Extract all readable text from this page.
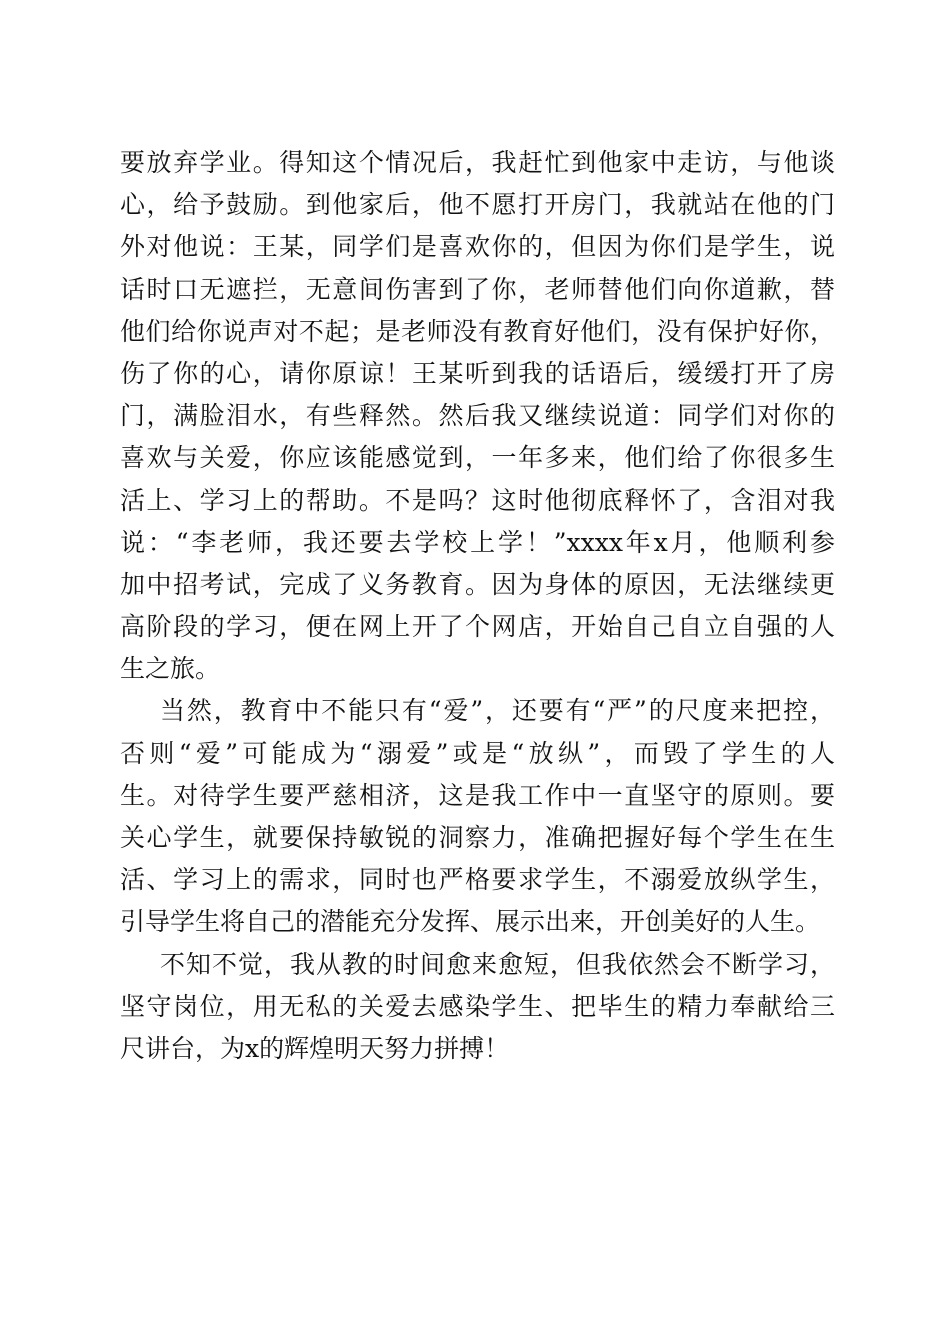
要放弃学业。得知这个情况后，我赶忙到他家中走访，与他谈
心，给予鼓励。到他家后，他不愿打开房门，我就站在他的门
外对他说：王某，同学们是喜欢你的，但因为你们是学生，说
话时口无遮拦，无意间伤害到了你，老师替他们向你道歉，替
他们给你说声对不起；是老师没有教育好他们，没有保护好你，
伤了你的心，请你原谅！王某听到我的话语后，缓缓打开了房
门，满脸泪水，有些释然。然后我又继续说道：同学们对你的
喜欢与关爱，你应该能感觉到，一年多来，他们给了你很多生
活上、学习上的帮助。不是吗？这时他彻底释怀了，含泪对我
说：“李老师，我还要去学校上学！”xxxx年x月，他顺利参
加中招考试，完成了义务教育。因为身体的原因，无法继续更
高阶段的学习，便在网上开了个网店，开始自己自立自强的人
生之旅。
当然，教育中不能只有“爱”，还要有“严”的尺度来把控，
否则“爱”可能成为“溺爱”或是“放纵”，而毁了学生的人
生。对待学生要严慈相济，这是我工作中一直坚守的原则。要
关心学生，就要保持敏锐的洞察力，准确把握好每个学生在生
活、学习上的需求，同时也严格要求学生，不溺爱放纵学生，
引导学生将自己的潜能充分发挥、展示出来，开创美好的人生。
不知不觉，我从教的时间愈来愈短，但我依然会不断学习，
坚守岗位，用无私的关爱去感染学生、把毕生的精力奉献给三
尺讲台，为x的辉煌明天努力拼搏！
